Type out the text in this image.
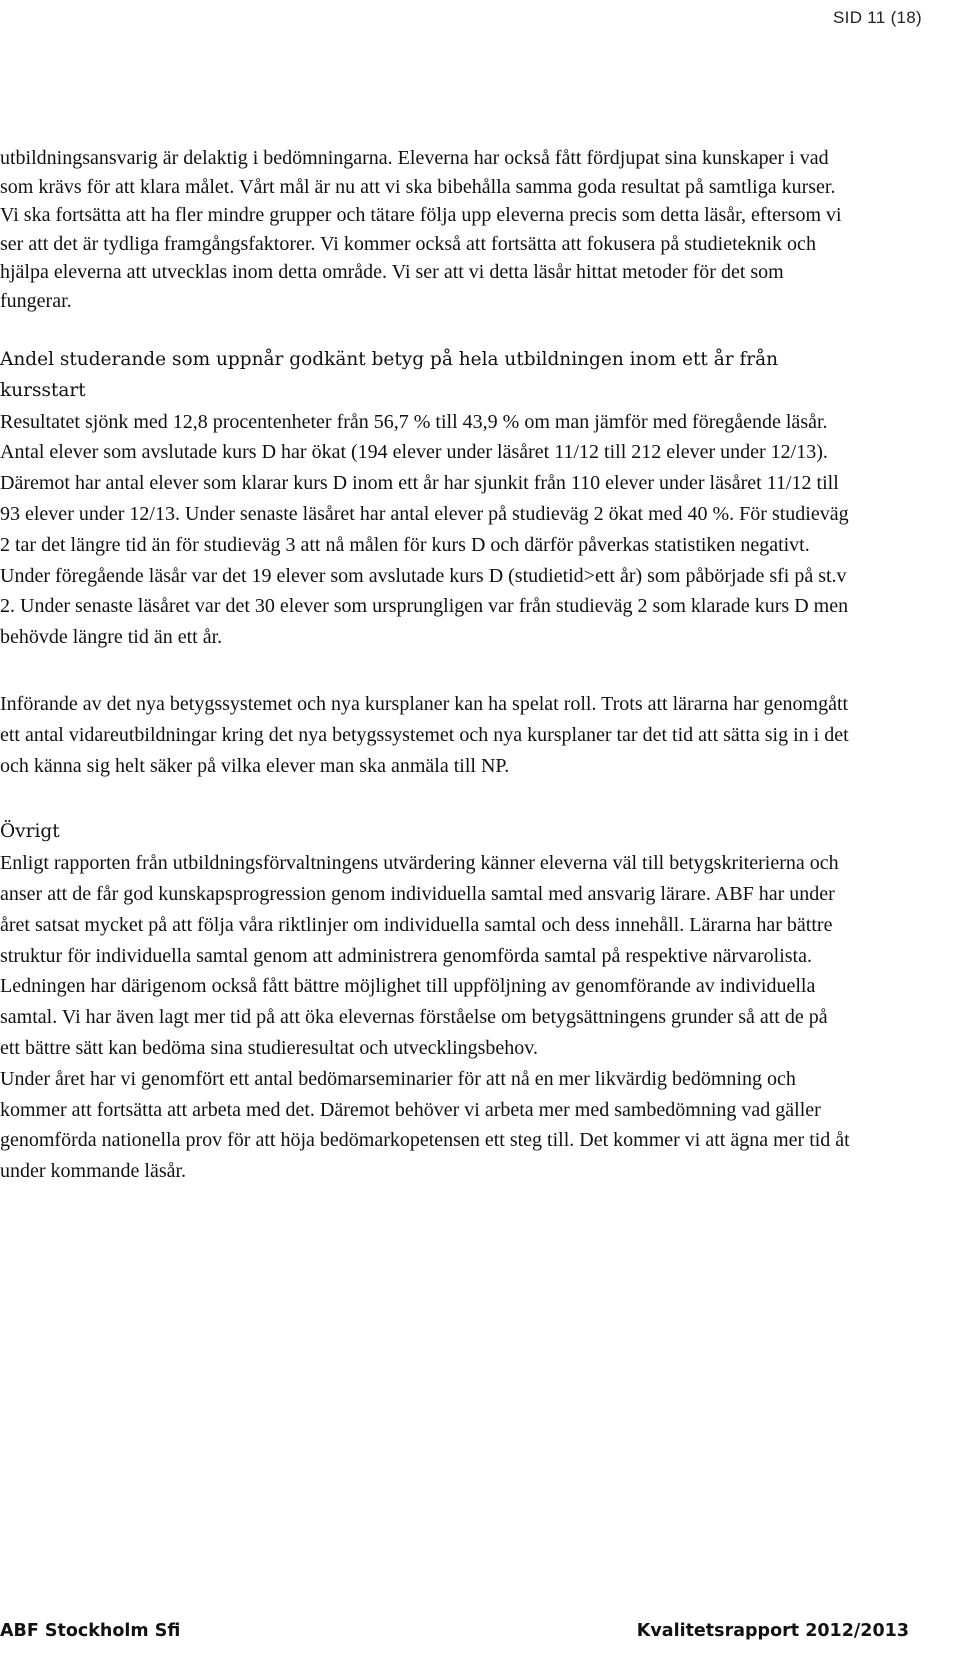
SID 11 (18)

utbildningsansvarig är delaktig i bedömningarna. Eleverna har också fått fördjupat sina kunskaper i vad som krävs för att klara målet. Vårt mål är nu att vi ska bibehålla samma goda resultat på samtliga kurser. Vi ska fortsätta att ha fler mindre grupper och tätare följa upp eleverna precis som detta läsår, eftersom vi ser att det är tydliga framgångsfaktorer. Vi kommer också att fortsätta att fokusera på studieteknik och hjälpa eleverna att utvecklas inom detta område. Vi ser att vi detta läsår hittat metoder för det som fungerar.

Andel studerande som uppnår godkänt betyg på hela utbildningen inom ett år från kursstart

Resultatet sjönk med 12,8 procentenheter från 56,7 % till 43,9 % om man jämför med föregående läsår. Antal elever som avslutade kurs D har ökat (194 elever under läsåret 11/12 till 212 elever under 12/13). Däremot har antal elever som klarar kurs D inom ett år har sjunkit från 110 elever under läsåret 11/12 till 93 elever under 12/13. Under senaste läsåret har antal elever på studieväg 2 ökat med 40 %. För studieväg 2 tar det längre tid än för studieväg 3 att nå målen för kurs D och därför påverkas statistiken negativt. Under föregående läsår var det 19 elever som avslutade kurs D (studietid>ett år) som påbörjade sfi på st.v 2. Under senaste läsåret var det 30 elever som ursprungligen var från studieväg 2 som klarade kurs D men behövde längre tid än ett år.

Införande av det nya betygssystemet och nya kursplaner kan ha spelat roll. Trots att lärarna har genomgått ett antal vidareutbildningar kring det nya betygssystemet och nya kursplaner tar det tid att sätta sig in i det och känna sig helt säker på vilka elever man ska anmäla till NP.

Övrigt

Enligt rapporten från utbildningsförvaltningens utvärdering känner eleverna väl till betygskriterierna och anser att de får god kunskapsprogression genom individuella samtal med ansvarig lärare. ABF har under året satsat mycket på att följa våra riktlinjer om individuella samtal och dess innehåll. Lärarna har bättre struktur för individuella samtal genom att administrera genomförda samtal på respektive närvarolista. Ledningen har därigenom också fått bättre möjlighet till uppföljning av genomförande av individuella samtal. Vi har även lagt mer tid på att öka elevernas förståelse om betygsättningens grunder så att de på ett bättre sätt kan bedöma sina studieresultat och utvecklingsbehov.

Under året har vi genomfört ett antal bedömarseminarier för att nå en mer likvärdig bedömning och kommer att fortsätta att arbeta med det. Däremot behöver vi arbeta mer med sambedömning vad gäller genomförda nationella prov för att höja bedömarkopetensen ett steg till. Det kommer vi att ägna mer tid åt under kommande läsår.

ABF Stockholm Sfi	Kvalitetsrapport 2012/2013
